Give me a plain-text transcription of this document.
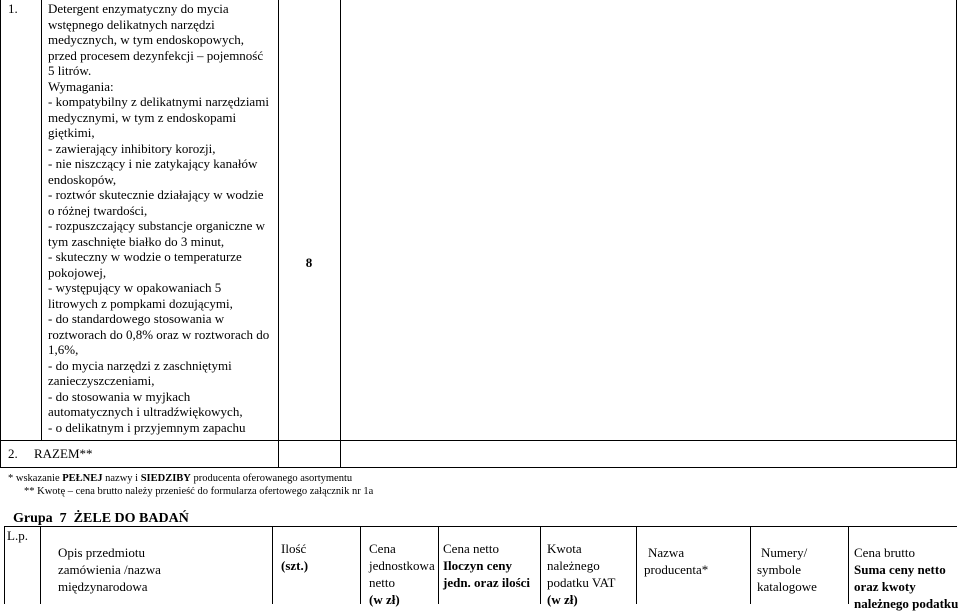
1. Detergent enzymatyczny do mycia
wstępnego delikatnych narzędzi
medycznych, w tym endoskopowych,
przed procesem dezynfekcji – pojemność
5 litrów.
Wymagania:
- kompatybilny z delikatnymi narzędziami
medycznymi, w tym z endoskopami
giętkimi,
- zawierający inhibitory korozji,
- nie niszczący i nie zatykający kanałów
endoskopów,
- roztwór skutecznie działający w wodzie
o różnej twardości,
- rozpuszczający substancje organiczne w
tym zaschnięte białko do 3 minut,
- skuteczny w wodzie o temperaturze
pokojowej,
- występujący w opakowaniach 5
litrowych z pompkami dozującymi,
- do standardowego stosowania w
roztworach do 0,8% oraz w roztworach do
1,6%,
- do mycia narzędzi z zaschniętymi
zanieczyszczeniami,
- do stosowania w myjkach
automatycznych i ultradźwiękowych,
- o delikatnym i przyjemnym zapachu
8
2. RAZEM**
* wskazanie PEŁNEJ nazwy i SIEDZIBY producenta oferowanego asortymentu
** Kwotę – cena brutto należy przenieść do formularza ofertowego załącznik nr 1a
Grupa  7  ŻELE DO BADAŃ
L.p.
Opis przedmiotu
zamówienia /nazwa
międzynarodowa
Ilość
(szt.)
Cena
jednostkowa
netto
(w zł)
Cena netto
Iloczyn ceny
jedn. oraz ilości
Kwota
należnego
podatku VAT
(w zł)
Nazwa
producenta*
Numery/
symbole
katalogowe
Cena brutto
Suma ceny netto
oraz kwoty
należnego podatku
